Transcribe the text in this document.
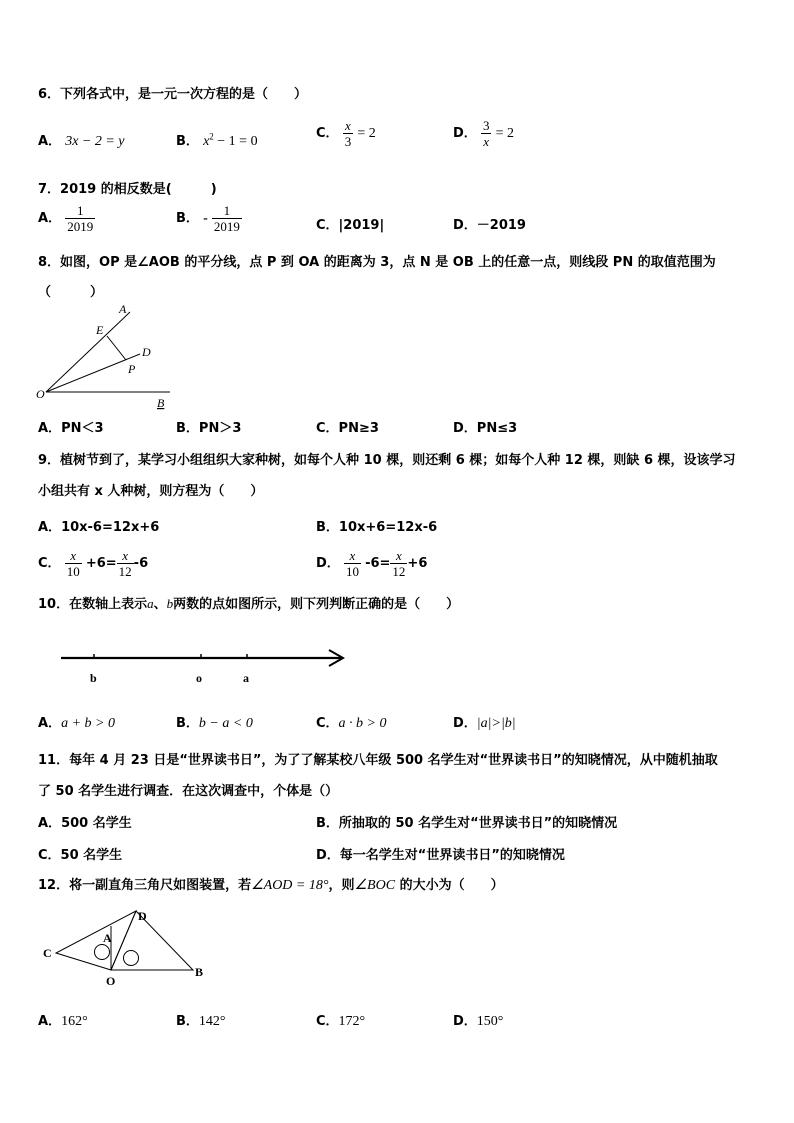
6．下列各式中，是一元一次方程的是（　　）
A． 3x − 2 = y	B． $x^2 - 1 = 0$
C． $\frac{x}{3} = 2$	D． $\frac{3}{x} = 2$
7．2019 的相反数是(　　　)
A． $\frac{1}{2019}$	B． - $\frac{1}{2019}$	C．|2019|	D．－2019
8．如图，OP 是∠AOB 的平分线，点 P 到 OA 的距离为 3，点 N 是 OB 上的任意一点，则线段 PN 的取值范围为
（　　　）
A
E
D
P
O
B
A．PN＜3	B．PN＞3	C．PN≥3	D．PN≤3
9．植树节到了，某学习小组组织大家种树，如每个人种 10 棵，则还剩 6 棵；如每个人种 12 棵，则缺 6 棵，设该学习
小组共有 x 人种树，则方程为（　　）
A．10x-6=12x+6	B．10x+6=12x-6
C． $\frac{x}{10} +6= \frac{x}{12} -6$	D． $\frac{x}{10} -6= \frac{x}{12} +6$
10．在数轴上表示a、b两数的点如图所示，则下列判断正确的是（　　）
b	o	a
A．a + b > 0	B．b − a < 0	C．a · b > 0	D．|a|>|b|
11．每年 4 月 23 日是“世界读书日”，为了了解某校八年级 500 名学生对“世界读书日”的知晓情况，从中随机抽取
了 50 名学生进行调查．在这次调查中，个体是（）
A．500 名学生	B．所抽取的 50 名学生对“世界读书日”的知晓情况
C．50 名学生	D．每一名学生对“世界读书日”的知晓情况
12．将一副直角三角尺如图装置，若∠AOD = 18°，则∠BOC 的大小为（　　）
C
A
D
O
B
A．162°	B．142°	C．172°	D．150°
